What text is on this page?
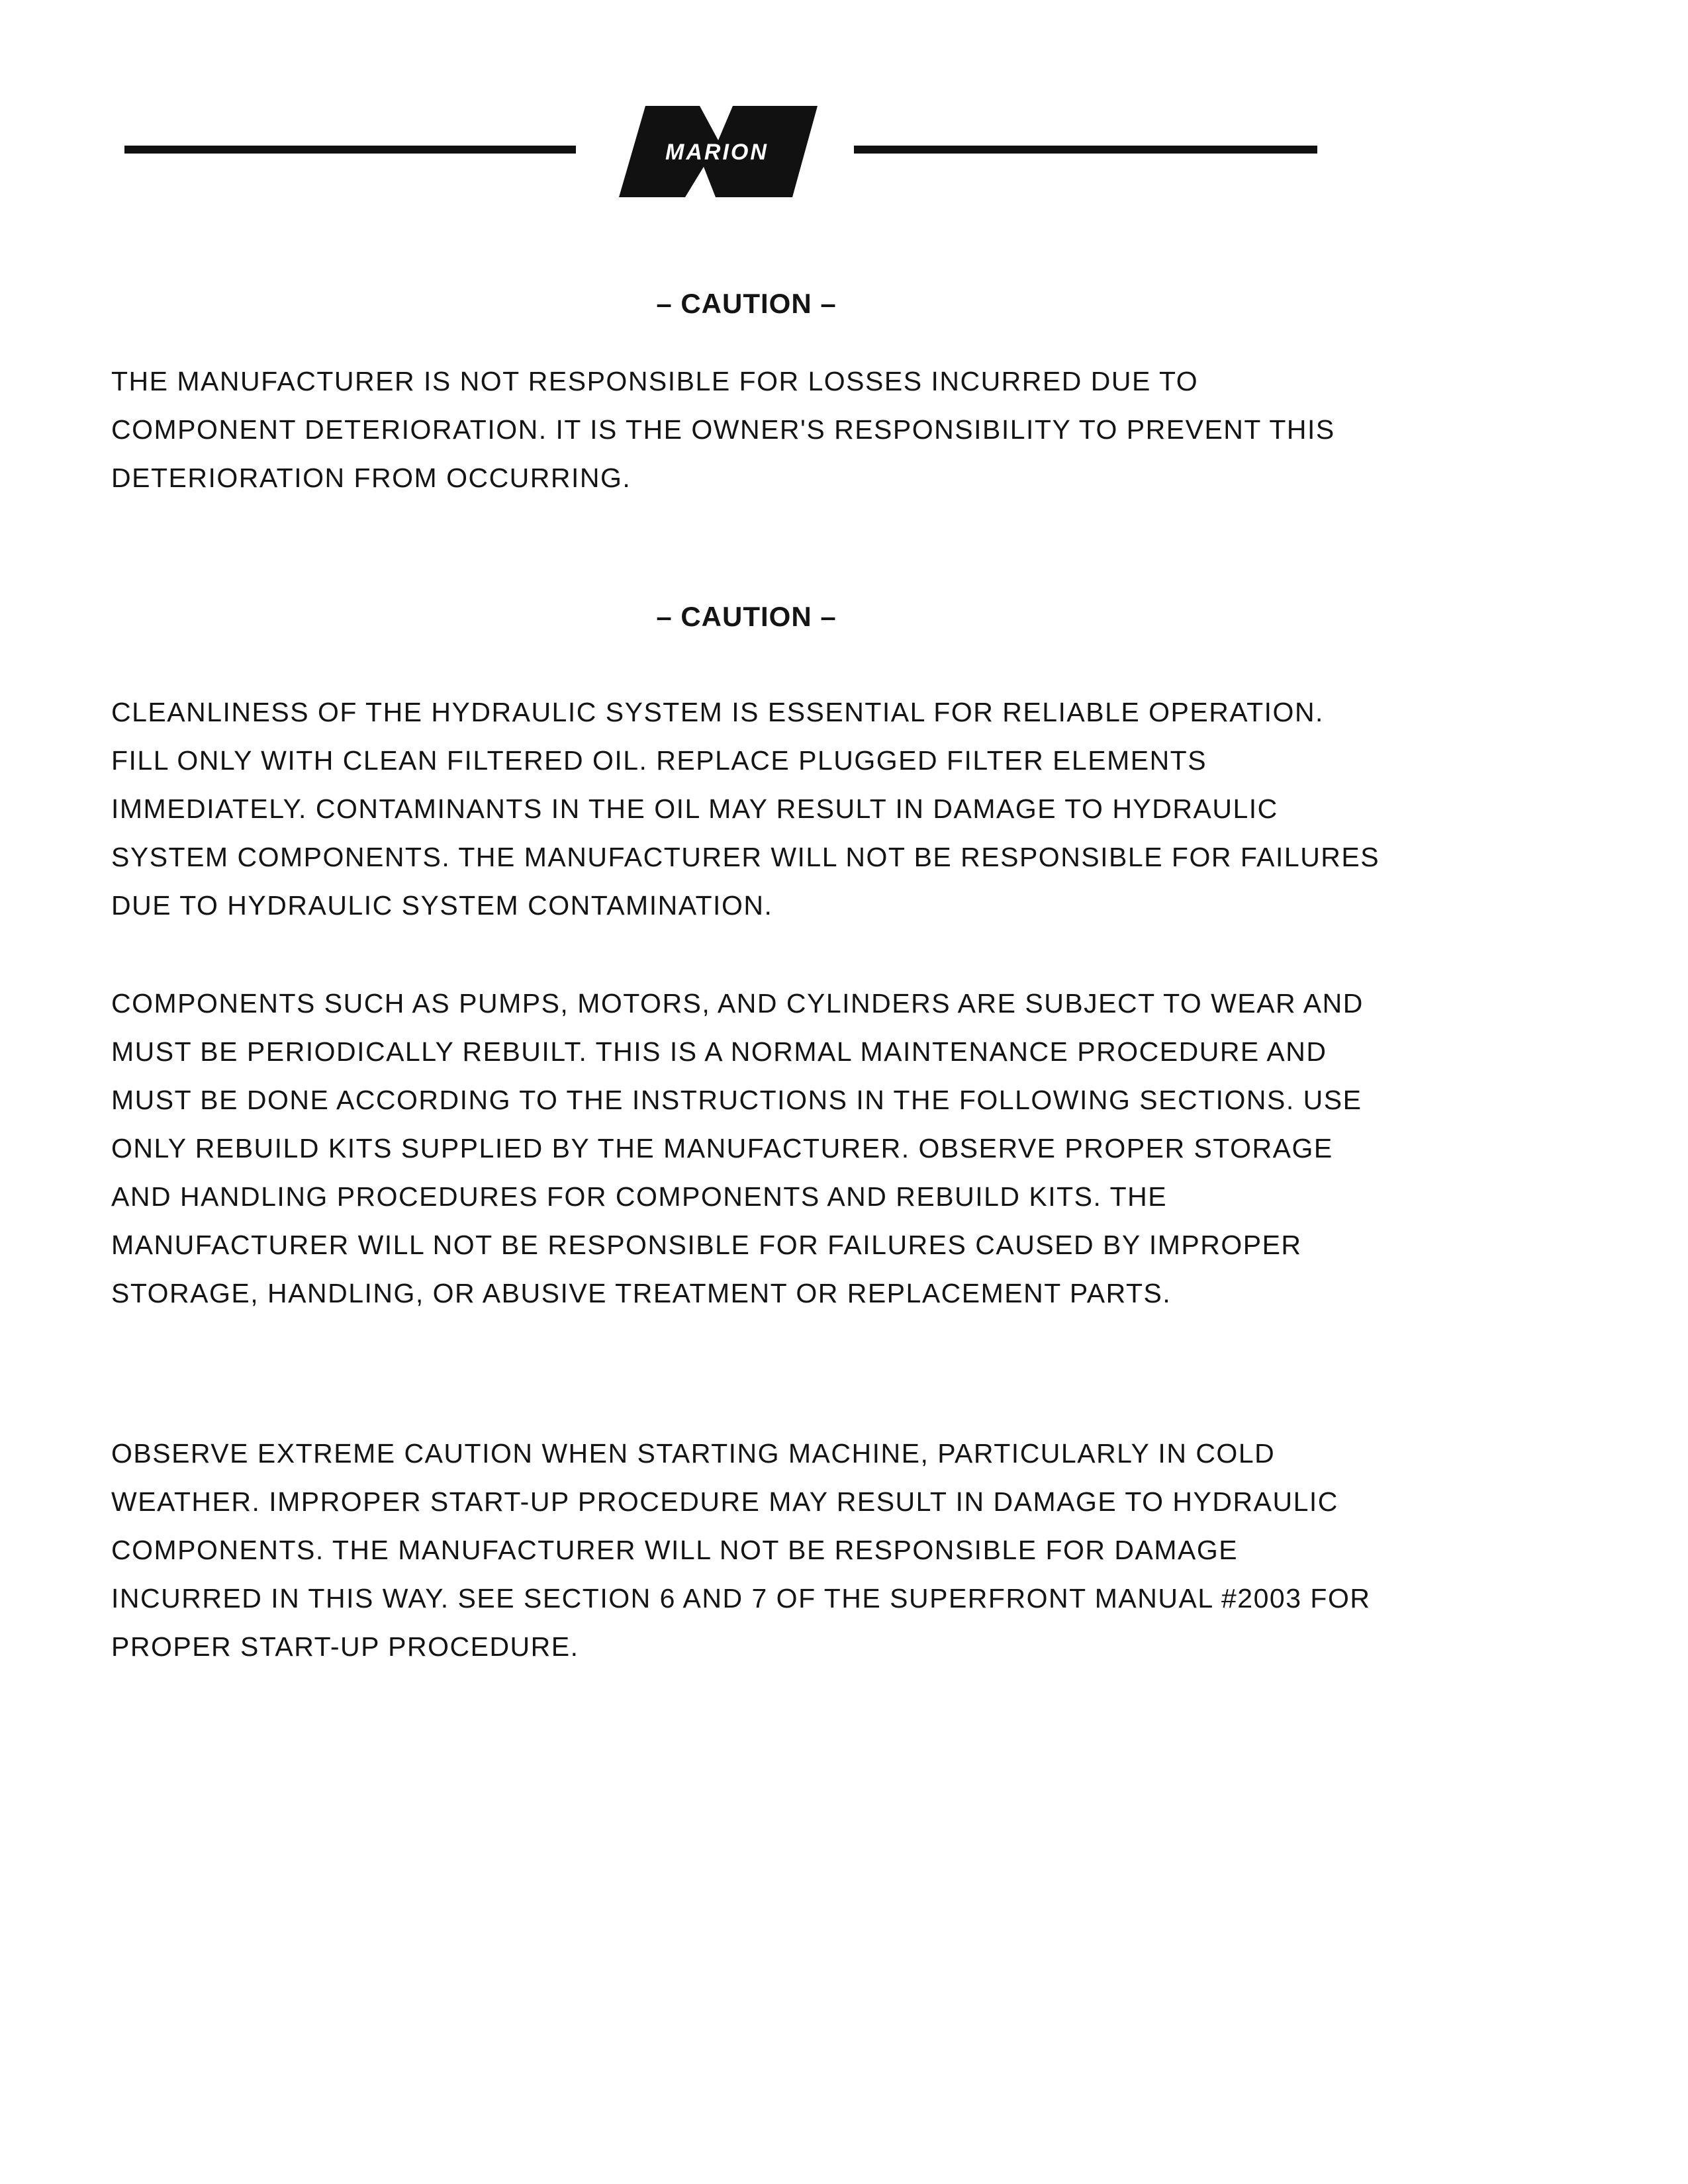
MARION
– CAUTION –

THE MANUFACTURER IS NOT RESPONSIBLE FOR LOSSES INCURRED DUE TO COMPONENT DETERIORATION. IT IS THE OWNER'S RESPONSIBILITY TO PREVENT THIS DETERIORATION FROM OCCURRING.

– CAUTION –

CLEANLINESS OF THE HYDRAULIC SYSTEM IS ESSENTIAL FOR RELIABLE OPERATION. FILL ONLY WITH CLEAN FILTERED OIL. REPLACE PLUGGED FILTER ELEMENTS IMMEDIATELY. CONTAMINANTS IN THE OIL MAY RESULT IN DAMAGE TO HYDRAULIC SYSTEM COMPONENTS. THE MANUFACTURER WILL NOT BE RESPONSIBLE FOR FAILURES DUE TO HYDRAULIC SYSTEM CONTAMINATION.

COMPONENTS SUCH AS PUMPS, MOTORS, AND CYLINDERS ARE SUBJECT TO WEAR AND MUST BE PERIODICALLY REBUILT. THIS IS A NORMAL MAINTENANCE PROCEDURE AND MUST BE DONE ACCORDING TO THE INSTRUCTIONS IN THE FOLLOWING SECTIONS. USE ONLY REBUILD KITS SUPPLIED BY THE MANUFACTURER. OBSERVE PROPER STORAGE AND HANDLING PROCEDURES FOR COMPONENTS AND REBUILD KITS. THE MANUFACTURER WILL NOT BE RESPONSIBLE FOR FAILURES CAUSED BY IMPROPER STORAGE, HANDLING, OR ABUSIVE TREATMENT OR REPLACEMENT PARTS.

OBSERVE EXTREME CAUTION WHEN STARTING MACHINE, PARTICULARLY IN COLD WEATHER. IMPROPER START-UP PROCEDURE MAY RESULT IN DAMAGE TO HYDRAULIC COMPONENTS. THE MANUFACTURER WILL NOT BE RESPONSIBLE FOR DAMAGE INCURRED IN THIS WAY. SEE SECTION 6 AND 7 OF THE SUPERFRONT MANUAL #2003 FOR PROPER START-UP PROCEDURE.
